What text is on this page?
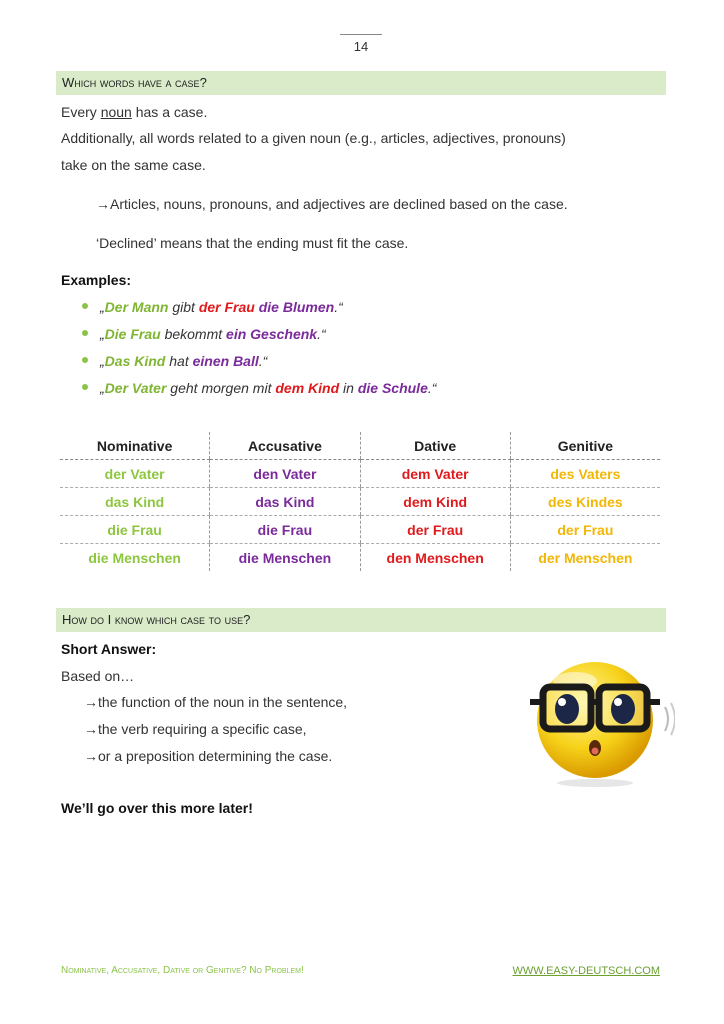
14
Which words have a case?
Every noun has a case.
Additionally, all words related to a given noun (e.g., articles, adjectives, pronouns)
take on the same case.
→Articles, nouns, pronouns, and adjectives are declined based on the case.
‘Declined’ means that the ending must fit the case.
Examples:
„Der Mann gibt der Frau die Blumen.“
„Die Frau bekommt ein Geschenk.“
„Das Kind hat einen Ball.“
„Der Vater geht morgen mit dem Kind in die Schule.“
Nominative	Accusative	Dative	Genitive
der Vater	den Vater	dem Vater	des Vaters
das Kind	das Kind	dem Kind	des Kindes
die Frau	die Frau	der Frau	der Frau
die Menschen	die Menschen	den Menschen	der Menschen
How do I know which case to use?
Short Answer:
Based on…
→the function of the noun in the sentence,
→the verb requiring a specific case,
→or a preposition determining the case.
We’ll go over this more later!
Nominative, Accusative, Dative or Genitive? No Problem!	WWW.EASY-DEUTSCH.COM
